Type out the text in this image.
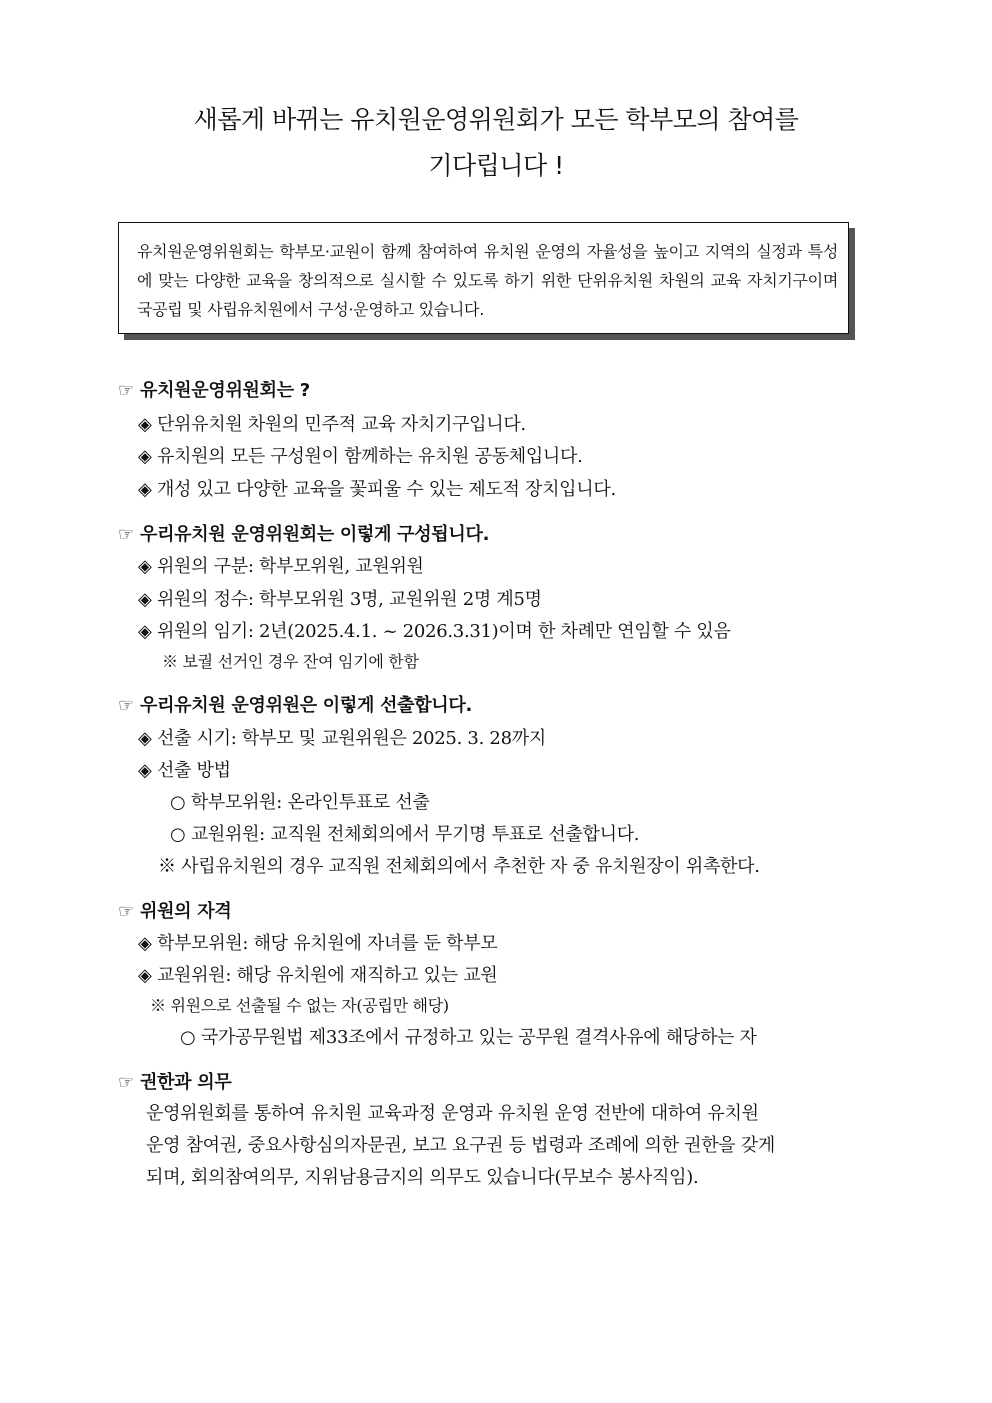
새롭게 바뀌는 유치원운영위원회가 모든 학부모의 참여를
기다립니다 !

유치원운영위원회는 학부모·교원이 함께 참여하여 유치원 운영의 자율성을 높이고 지역의 실정과 특성에 맞는 다양한 교육을 창의적으로 실시할 수 있도록 하기 위한 단위유치원 차원의 교육 자치기구이며 국공립 및 사립유치원에서 구성·운영하고 있습니다.

☞ 유치원운영위원회는 ?
◈ 단위유치원 차원의 민주적 교육 자치기구입니다.
◈ 유치원의 모든 구성원이 함께하는 유치원 공동체입니다.
◈ 개성 있고 다양한 교육을 꽃피울 수 있는 제도적 장치입니다.
☞ 우리유치원 운영위원회는 이렇게 구성됩니다.
◈ 위원의 구분: 학부모위원, 교원위원
◈ 위원의 정수: 학부모위원 3명, 교원위원 2명 계5명
◈ 위원의 임기: 2년(2025.4.1. ~ 2026.3.31)이며 한 차례만 연임할 수 있음
※ 보궐 선거인 경우 잔여 임기에 한함
☞ 우리유치원 운영위원은 이렇게 선출합니다.
◈ 선출 시기: 학부모 및 교원위원은 2025. 3. 28까지
◈ 선출 방법
○ 학부모위원: 온라인투표로 선출
○ 교원위원: 교직원 전체회의에서 무기명 투표로 선출합니다.
※ 사립유치원의 경우 교직원 전체회의에서 추천한 자 중 유치원장이 위촉한다.
☞ 위원의 자격
◈ 학부모위원: 해당 유치원에 자녀를 둔 학부모
◈ 교원위원: 해당 유치원에 재직하고 있는 교원
※ 위원으로 선출될 수 없는 자(공립만 해당)
○ 국가공무원법 제33조에서 규정하고 있는 공무원 결격사유에 해당하는 자
☞ 권한과 의무
운영위원회를 통하여 유치원 교육과정 운영과 유치원 운영 전반에 대하여 유치원
운영 참여권, 중요사항심의자문권, 보고 요구권 등 법령과 조례에 의한 권한을 갖게
되며, 회의참여의무, 지위남용금지의 의무도 있습니다(무보수 봉사직임).
